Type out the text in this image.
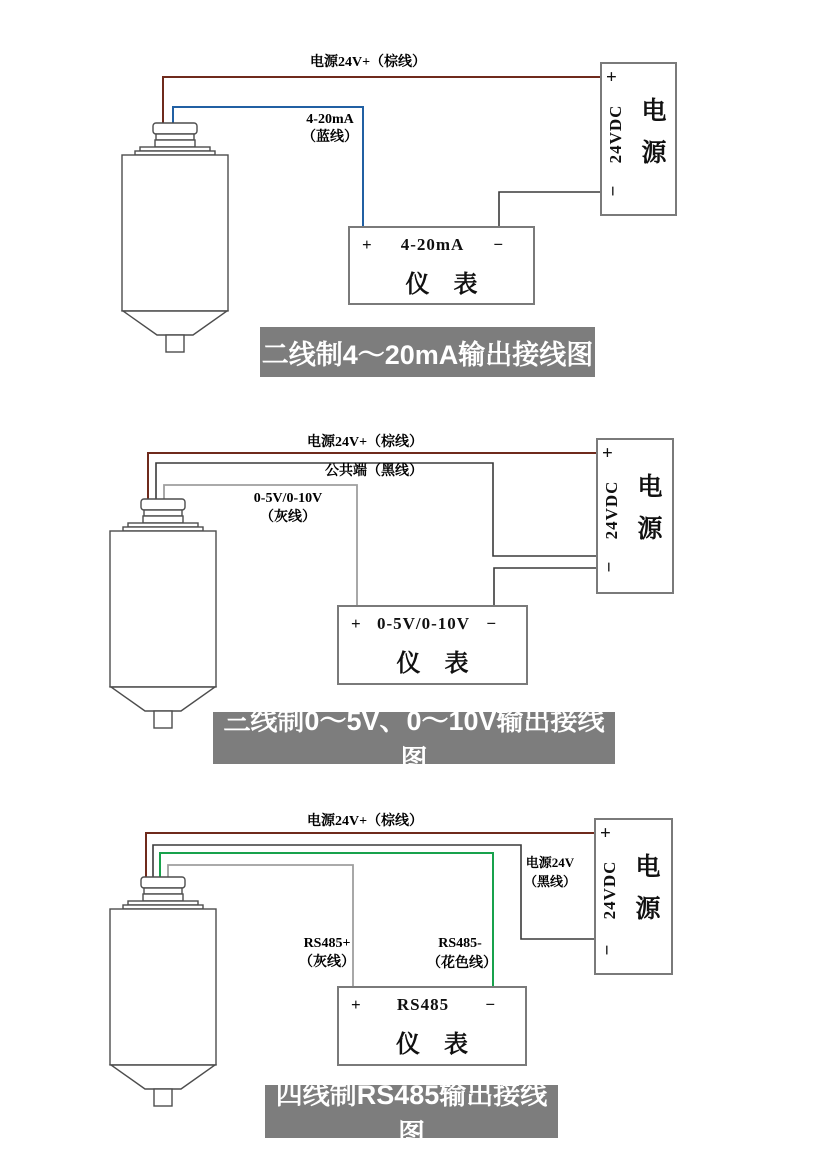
电源24V+（棕线）
4-20mA
（蓝线）
+
24VDC
−
电源
+	4-20mA	−
仪　表
二线制4～20mA输出接线图
电源24V+（棕线）
公共端（黑线）
0-5V/0-10V
（灰线）
+
24VDC
−
电源
+ 0-5V/0-10V −
仪　表
三线制0～5V、0～10V输出接线图
电源24V+（棕线）
电源24V
（黑线）
RS485+
（灰线）
RS485-
（花色线）
+
24VDC
−
电源
+	RS485	−
仪　表
四线制RS485输出接线图
